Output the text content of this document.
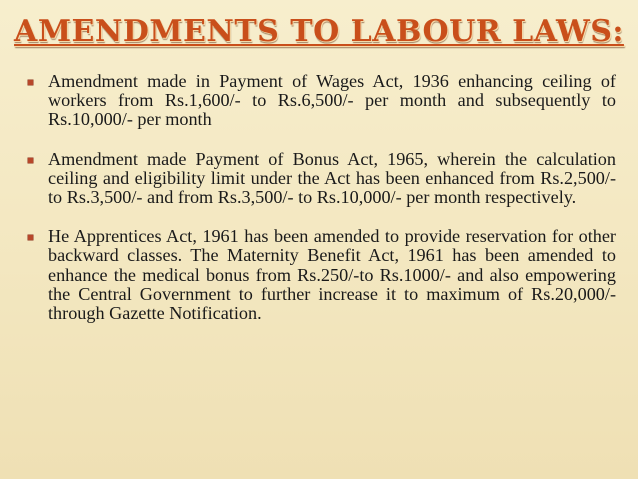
AMENDMENTS TO LABOUR LAWS:
Amendment made in Payment of Wages Act, 1936 enhancing ceiling of workers from Rs.1,600/- to Rs.6,500/- per month and subsequently to Rs.10,000/- per month
Amendment made Payment of Bonus Act, 1965, wherein the calculation ceiling and eligibility limit under the Act has been enhanced from Rs.2,500/- to Rs.3,500/- and from Rs.3,500/- to Rs.10,000/- per month respectively.
He Apprentices Act, 1961 has been amended to provide reservation for other backward classes. The Maternity Benefit Act, 1961 has been amended to enhance the medical bonus from Rs.250/-to Rs.1000/- and also empowering the Central Government to further increase it to maximum of Rs.20,000/- through Gazette Notification.
